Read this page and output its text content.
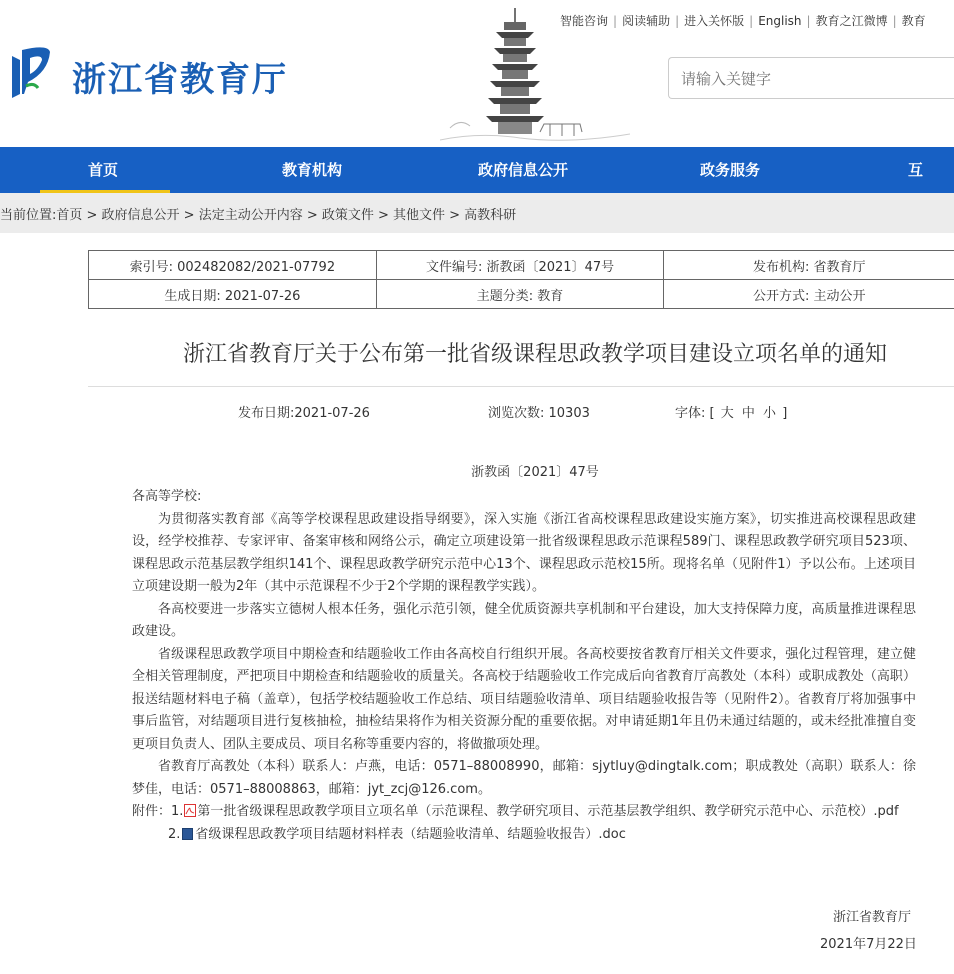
浙江省教育厅
智能咨询 | 阅读辅助 | 进入关怀版 | English | 教育之江微博 | 教育
请输入关键字
首页	教育机构	政府信息公开	政务服务	互
当前位置:首页 > 政府信息公开 > 法定主动公开内容 > 政策文件 > 其他文件 > 高教科研
索引号: 002482082/2021-07792	文件编号: 浙教函〔2021〕47号	发布机构: 省教育厅
生成日期: 2021-07-26	主题分类: 教育	公开方式: 主动公开
浙江省教育厅关于公布第一批省级课程思政教学项目建设立项名单的通知
发布日期:2021-07-26	浏览次数: 10303	字体: [ 大 中 小 ]
浙教函〔2021〕47号

各高等学校:

为贯彻落实教育部《高等学校课程思政建设指导纲要》，深入实施《浙江省高校课程思政建设实施方案》，切实推进高校课程思政建设，经学校推荐、专家评审、备案审核和网络公示，确定立项建设第一批省级课程思政示范课程589门、课程思政教学研究项目523项、课程思政示范基层教学组织141个、课程思政教学研究示范中心13个、课程思政示范校15所。现将名单（见附件1）予以公布。上述项目立项建设期一般为2年（其中示范课程不少于2个学期的课程教学实践）。

各高校要进一步落实立德树人根本任务，强化示范引领，健全优质资源共享机制和平台建设，加大支持保障力度，高质量推进课程思政建设。

省级课程思政教学项目中期检查和结题验收工作由各高校自行组织开展。各高校要按省教育厅相关文件要求，强化过程管理，建立健全相关管理制度，严把项目中期检查和结题验收的质量关。各高校于结题验收工作完成后向省教育厅高教处（本科）或职成教处（高职）报送结题材料电子稿（盖章），包括学校结题验收工作总结、项目结题验收清单、项目结题验收报告等（见附件2）。省教育厅将加强事中事后监管，对结题项目进行复核抽检，抽检结果将作为相关资源分配的重要依据。对申请延期1年且仍未通过结题的，或未经批准擅自变更项目负责人、团队主要成员、项目名称等重要内容的，将做撤项处理。

省教育厅高教处（本科）联系人：卢燕，电话：0571–88008990，邮箱：sjytluy@dingtalk.com；职成教处（高职）联系人：徐梦佳，电话：0571–88008863，邮箱：jyt_zcj@126.com。

附件：1. 第一批省级课程思政教学项目立项名单（示范课程、教学研究项目、示范基层教学组织、教学研究示范中心、示范校）.pdf

2. 省级课程思政教学项目结题材料样表（结题验收清单、结题验收报告）.doc

浙江省教育厅
2021年7月22日
